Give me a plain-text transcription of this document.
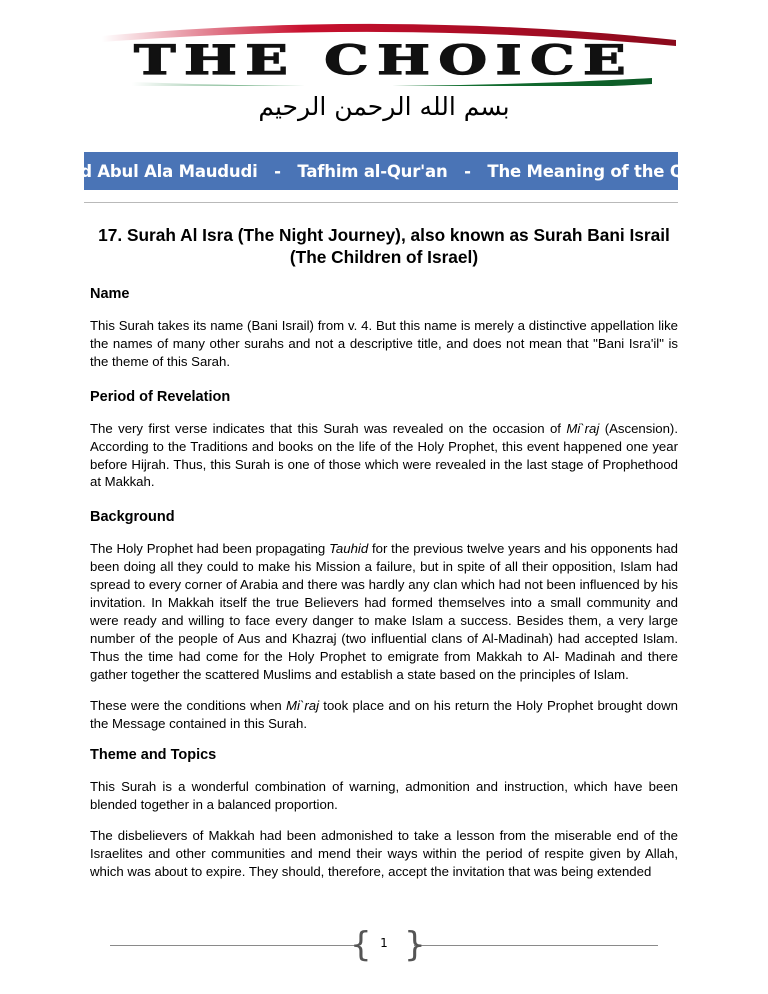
THE CHOICE
بسم الله الرحمن الرحيم
Sayyid Abul Ala Maududi   -   Tafhim al-Qur'an   -   The Meaning of the Qur'an
17. Surah Al Isra (The Night Journey), also known as Surah Bani Israil
(The Children of Israel)
Name

This Surah takes its name (Bani Israil) from v. 4. But this name is merely a distinctive appellation like the names of many other surahs and not a descriptive title, and does not mean that "Bani Isra'il" is the theme of this Sarah.

Period of Revelation

The very first verse indicates that this Surah was revealed on the occasion of Mi`raj (Ascension). According to the Traditions and books on the life of the Holy Prophet, this event happened one year before Hijrah. Thus, this Surah is one of those which were revealed in the last stage of Prophethood at Makkah.

Background

The Holy Prophet had been propagating Tauhid for the previous twelve years and his opponents had been doing all they could to make his Mission a failure, but in spite of all their opposition, Islam had spread to every corner of Arabia and there was hardly any clan which had not been influenced by his invitation. In Makkah itself the true Believers had formed themselves into a small community and were ready and willing to face every danger to make Islam a success. Besides them, a very large number of the people of Aus and Khazraj (two influential clans of Al-Madinah) had accepted Islam. Thus the time had come for the Holy Prophet to emigrate from Makkah to Al- Madinah and there gather together the scattered Muslims and establish a state based on the principles of Islam.

These were the conditions when Mi`raj took place and on his return the Holy Prophet brought down the Message contained in this Surah.

Theme and Topics

This Surah is a wonderful combination of warning, admonition and instruction, which have been blended together in a balanced proportion.

The disbelievers of Makkah had been admonished to take a lesson from the miserable end of the Israelites and other communities and mend their ways within the period of respite given by Allah, which was about to expire. They should, therefore, accept the invitation that was being extended

{ 1 }
